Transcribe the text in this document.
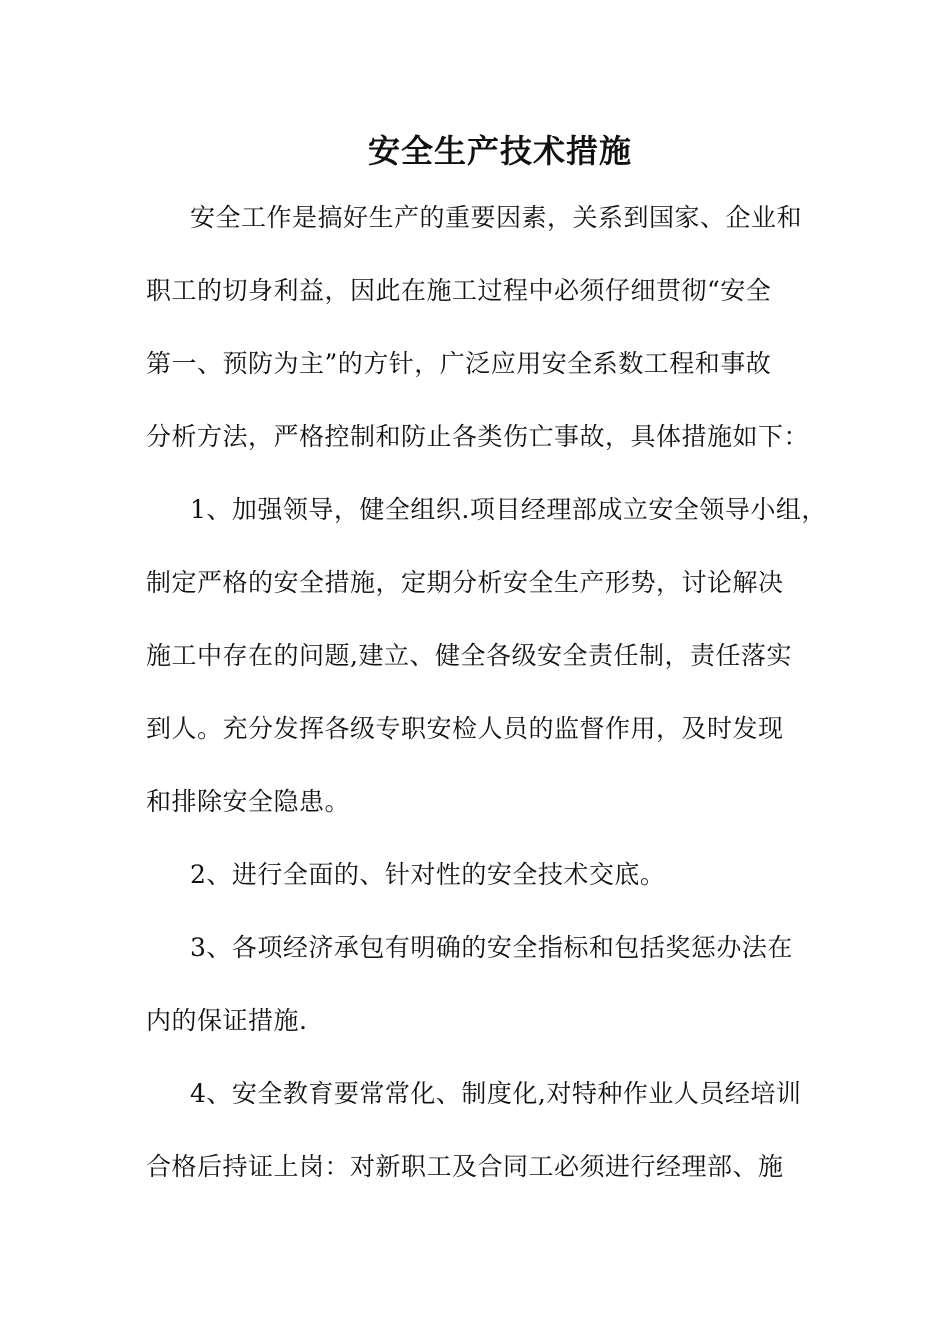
安全生产技术措施
安全工作是搞好生产的重要因素，关系到国家、企业和
职工的切身利益，因此在施工过程中必须仔细贯彻“安全
第一、预防为主”的方针，广泛应用安全系数工程和事故
分析方法，严格控制和防止各类伤亡事故，具体措施如下：
1、加强领导，健全组织.项目经理部成立安全领导小组，
制定严格的安全措施，定期分析安全生产形势，讨论解决
施工中存在的问题,建立、健全各级安全责任制，责任落实
到人。充分发挥各级专职安检人员的监督作用，及时发现
和排除安全隐患。
2、进行全面的、针对性的安全技术交底。
3、各项经济承包有明确的安全指标和包括奖惩办法在
内的保证措施.
4、安全教育要常常化、制度化,对特种作业人员经培训
合格后持证上岗：对新职工及合同工必须进行经理部、施
